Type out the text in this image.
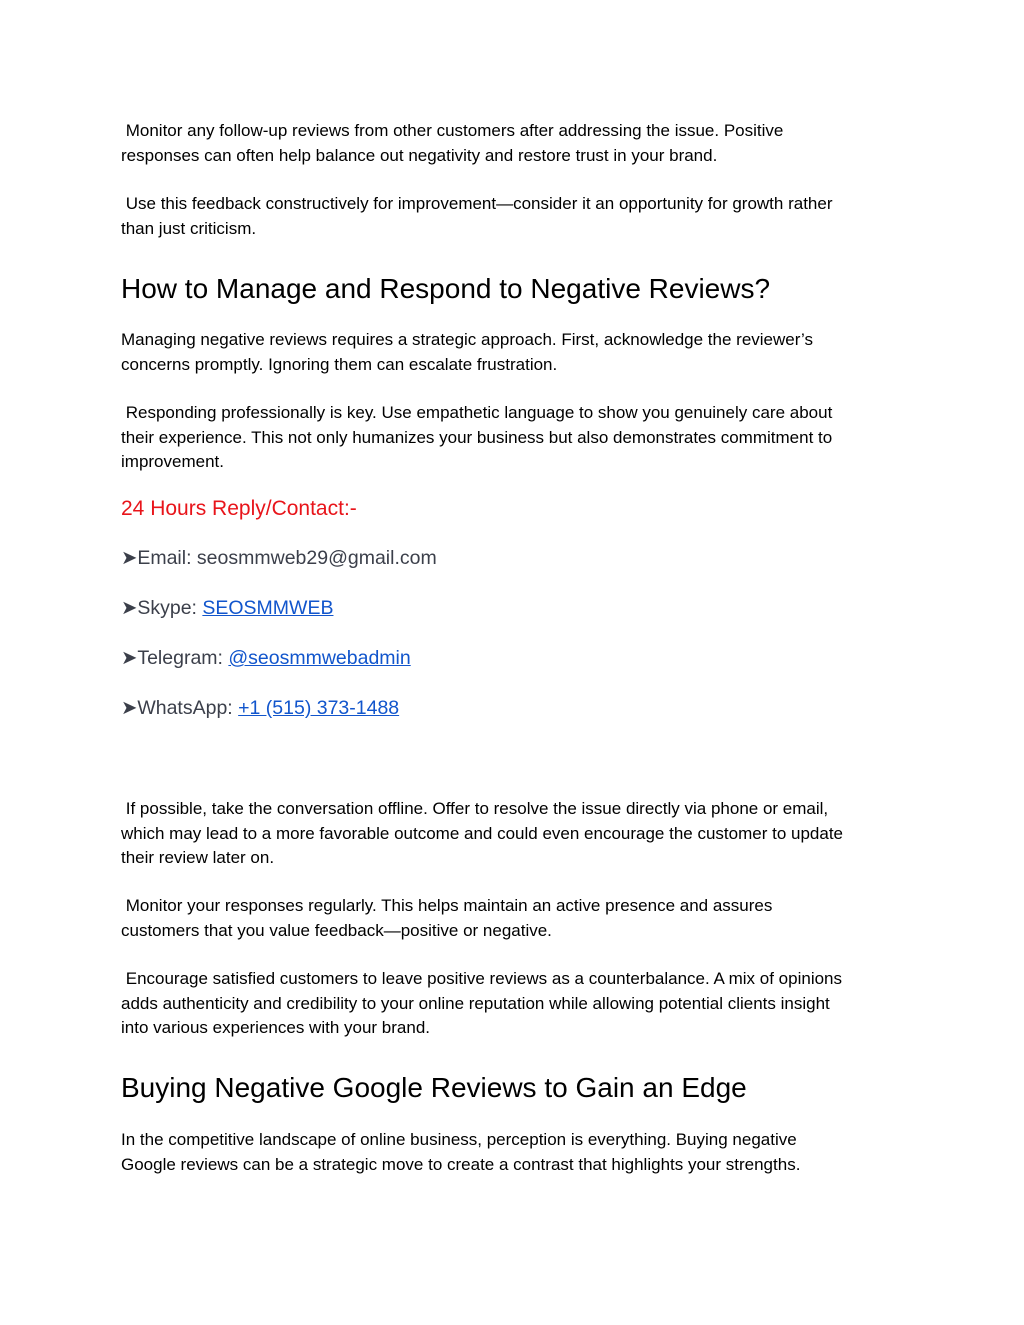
Monitor any follow-up reviews from other customers after addressing the issue. Positive
responses can often help balance out negativity and restore trust in your brand.

Use this feedback constructively for improvement—consider it an opportunity for growth rather
than just criticism.

How to Manage and Respond to Negative Reviews?

Managing negative reviews requires a strategic approach. First, acknowledge the reviewer’s
concerns promptly. Ignoring them can escalate frustration.

Responding professionally is key. Use empathetic language to show you genuinely care about
their experience. This not only humanizes your business but also demonstrates commitment to
improvement.

24 Hours Reply/Contact:-

➤Email: seosmmweb29@gmail.com

➤Skype: SEOSMMWEB

➤Telegram: @seosmmwebadmin

➤WhatsApp: +1 (515) 373-1488

If possible, take the conversation offline. Offer to resolve the issue directly via phone or email,
which may lead to a more favorable outcome and could even encourage the customer to update
their review later on.

Monitor your responses regularly. This helps maintain an active presence and assures
customers that you value feedback—positive or negative.

Encourage satisfied customers to leave positive reviews as a counterbalance. A mix of opinions
adds authenticity and credibility to your online reputation while allowing potential clients insight
into various experiences with your brand.

Buying Negative Google Reviews to Gain an Edge

In the competitive landscape of online business, perception is everything. Buying negative
Google reviews can be a strategic move to create a contrast that highlights your strengths.
